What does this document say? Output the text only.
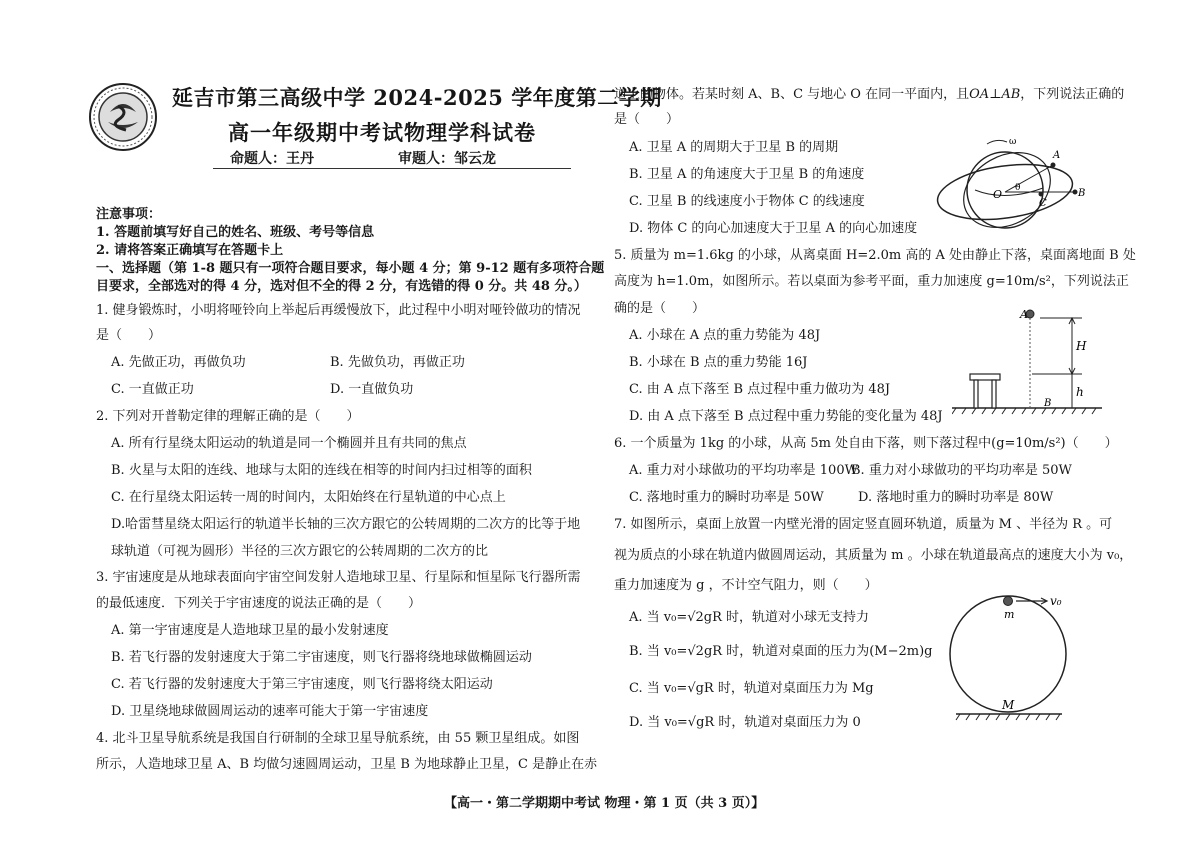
延吉市第三高级中学 2024-2025 学年度第二学期
高一年级期中考试物理学科试卷
命题人：王丹	审题人：邹云龙
注意事项：
1. 答题前填写好自己的姓名、班级、考号等信息
2. 请将答案正确填写在答题卡上
一、选择题（第 1-8 题只有一项符合题目要求，每小题 4 分；第 9-12 题有多项符合题
目要求，全部选对的得 4 分，选对但不全的得 2 分，有选错的得 0 分。共 48 分。）
1. 健身锻炼时，小明将哑铃向上举起后再缓慢放下，此过程中小明对哑铃做功的情况
是（　　）
A. 先做正功，再做负功	B. 先做负功，再做正功
C. 一直做正功	D. 一直做负功
2. 下列对开普勒定律的理解正确的是（　　）
A. 所有行星绕太阳运动的轨道是同一个椭圆并且有共同的焦点
B. 火星与太阳的连线、地球与太阳的连线在相等的时间内扫过相等的面积
C. 在行星绕太阳运转一周的时间内，太阳始终在行星轨道的中心点上
D.哈雷彗星绕太阳运行的轨道半长轴的三次方跟它的公转周期的二次方的比等于地
球轨道（可视为圆形）半径的三次方跟它的公转周期的二次方的比
3. 宇宙速度是从地球表面向宇宙空间发射人造地球卫星、行星际和恒星际飞行器所需
的最低速度．下列关于宇宙速度的说法正确的是（　　）
A. 第一宇宙速度是人造地球卫星的最小发射速度
B. 若飞行器的发射速度大于第二宇宙速度，则飞行器将绕地球做椭圆运动
C. 若飞行器的发射速度大于第三宇宙速度，则飞行器将绕太阳运动
D. 卫星绕地球做圆周运动的速率可能大于第一宇宙速度
4. 北斗卫星导航系统是我国自行研制的全球卫星导航系统，由 55 颗卫星组成。如图
所示，人造地球卫星 A、B 均做匀速圆周运动，卫星 B 为地球静止卫星，C 是静止在赤
道上的物体。若某时刻 A、B、C 与地心 O 在同一平面内，且OA⊥AB，下列说法正确的
是（　　）
A. 卫星 A 的周期大于卫星 B 的周期
B. 卫星 A 的角速度大于卫星 B 的角速度
C. 卫星 B 的线速度小于物体 C 的线速度
D. 物体 C 的向心加速度大于卫星 A 的向心加速度
O
A
B
C
θ
ω
5. 质量为 m=1.6kg 的小球，从离桌面 H=2.0m 高的 A 处由静止下落，桌面离地面 B 处
高度为 h=1.0m，如图所示。若以桌面为参考平面，重力加速度 g=10m/s²，下列说法正
确的是（　　）
A. 小球在 A 点的重力势能为 48J
B. 小球在 B 点的重力势能 16J
C. 由 A 点下落至 B 点过程中重力做功为 48J
D. 由 A 点下落至 B 点过程中重力势能的变化量为 48J
A
H
h
B
6. 一个质量为 1kg 的小球，从高 5m 处自由下落，则下落过程中(g=10m/s²)（　　）
A. 重力对小球做功的平均功率是 100W
B. 重力对小球做功的平均功率是 50W
C. 落地时重力的瞬时功率是 50W	D. 落地时重力的瞬时功率是 80W
7. 如图所示，桌面上放置一内壁光滑的固定竖直圆环轨道，质量为 M 、半径为 R 。可
视为质点的小球在轨道内做圆周运动，其质量为 m 。小球在轨道最高点的速度大小为 v₀，
重力加速度为 g ，不计空气阻力，则（　　）
A. 当 v₀=√2gR 时，轨道对小球无支持力
B. 当 v₀=√2gR 时，轨道对桌面的压力为(M−2m)g
C. 当 v₀=√gR 时，轨道对桌面压力为 Mg
D. 当 v₀=√gR 时，轨道对桌面压力为 0
v₀
m
M
【高一・第二学期期中考试 物理・第 1 页（共 3 页）】
